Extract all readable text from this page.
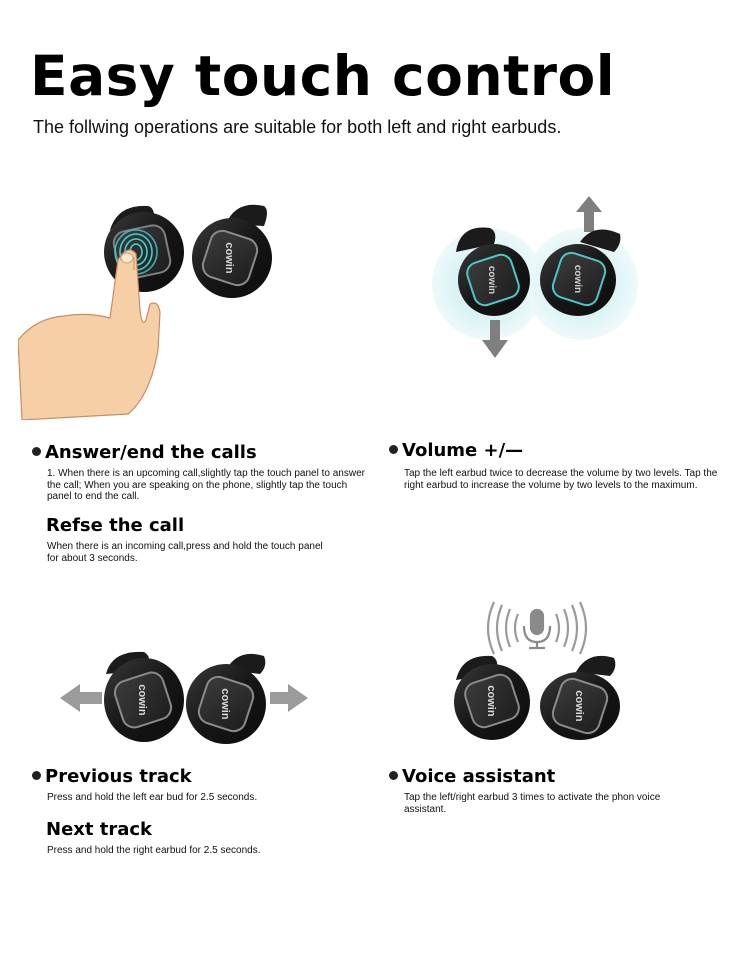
Easy touch control
The follwing operations are suitable for both left and right earbuds.
cowin
cowin	cowin
Answer/end the calls
1. When there is an upcoming call,slightly tap the touch panel to answer the call; When you are speaking on the phone, slightly tap the touch panel to end the call.
Refse the call
When there is an incoming call,press and hold the touch panel for about 3 seconds.
Volume +/—
Tap the left earbud twice to decrease the volume by two levels. Tap the right earbud to increase the volume by two levels to the maximum.
cowin	cowin	cowin	cowin
Previous track
Press and hold the left ear bud for 2.5 seconds.
Next track
Press and hold the right earbud for 2.5 seconds.
Voice assistant
Tap the left/right earbud 3 times to activate the phon voice assistant.
